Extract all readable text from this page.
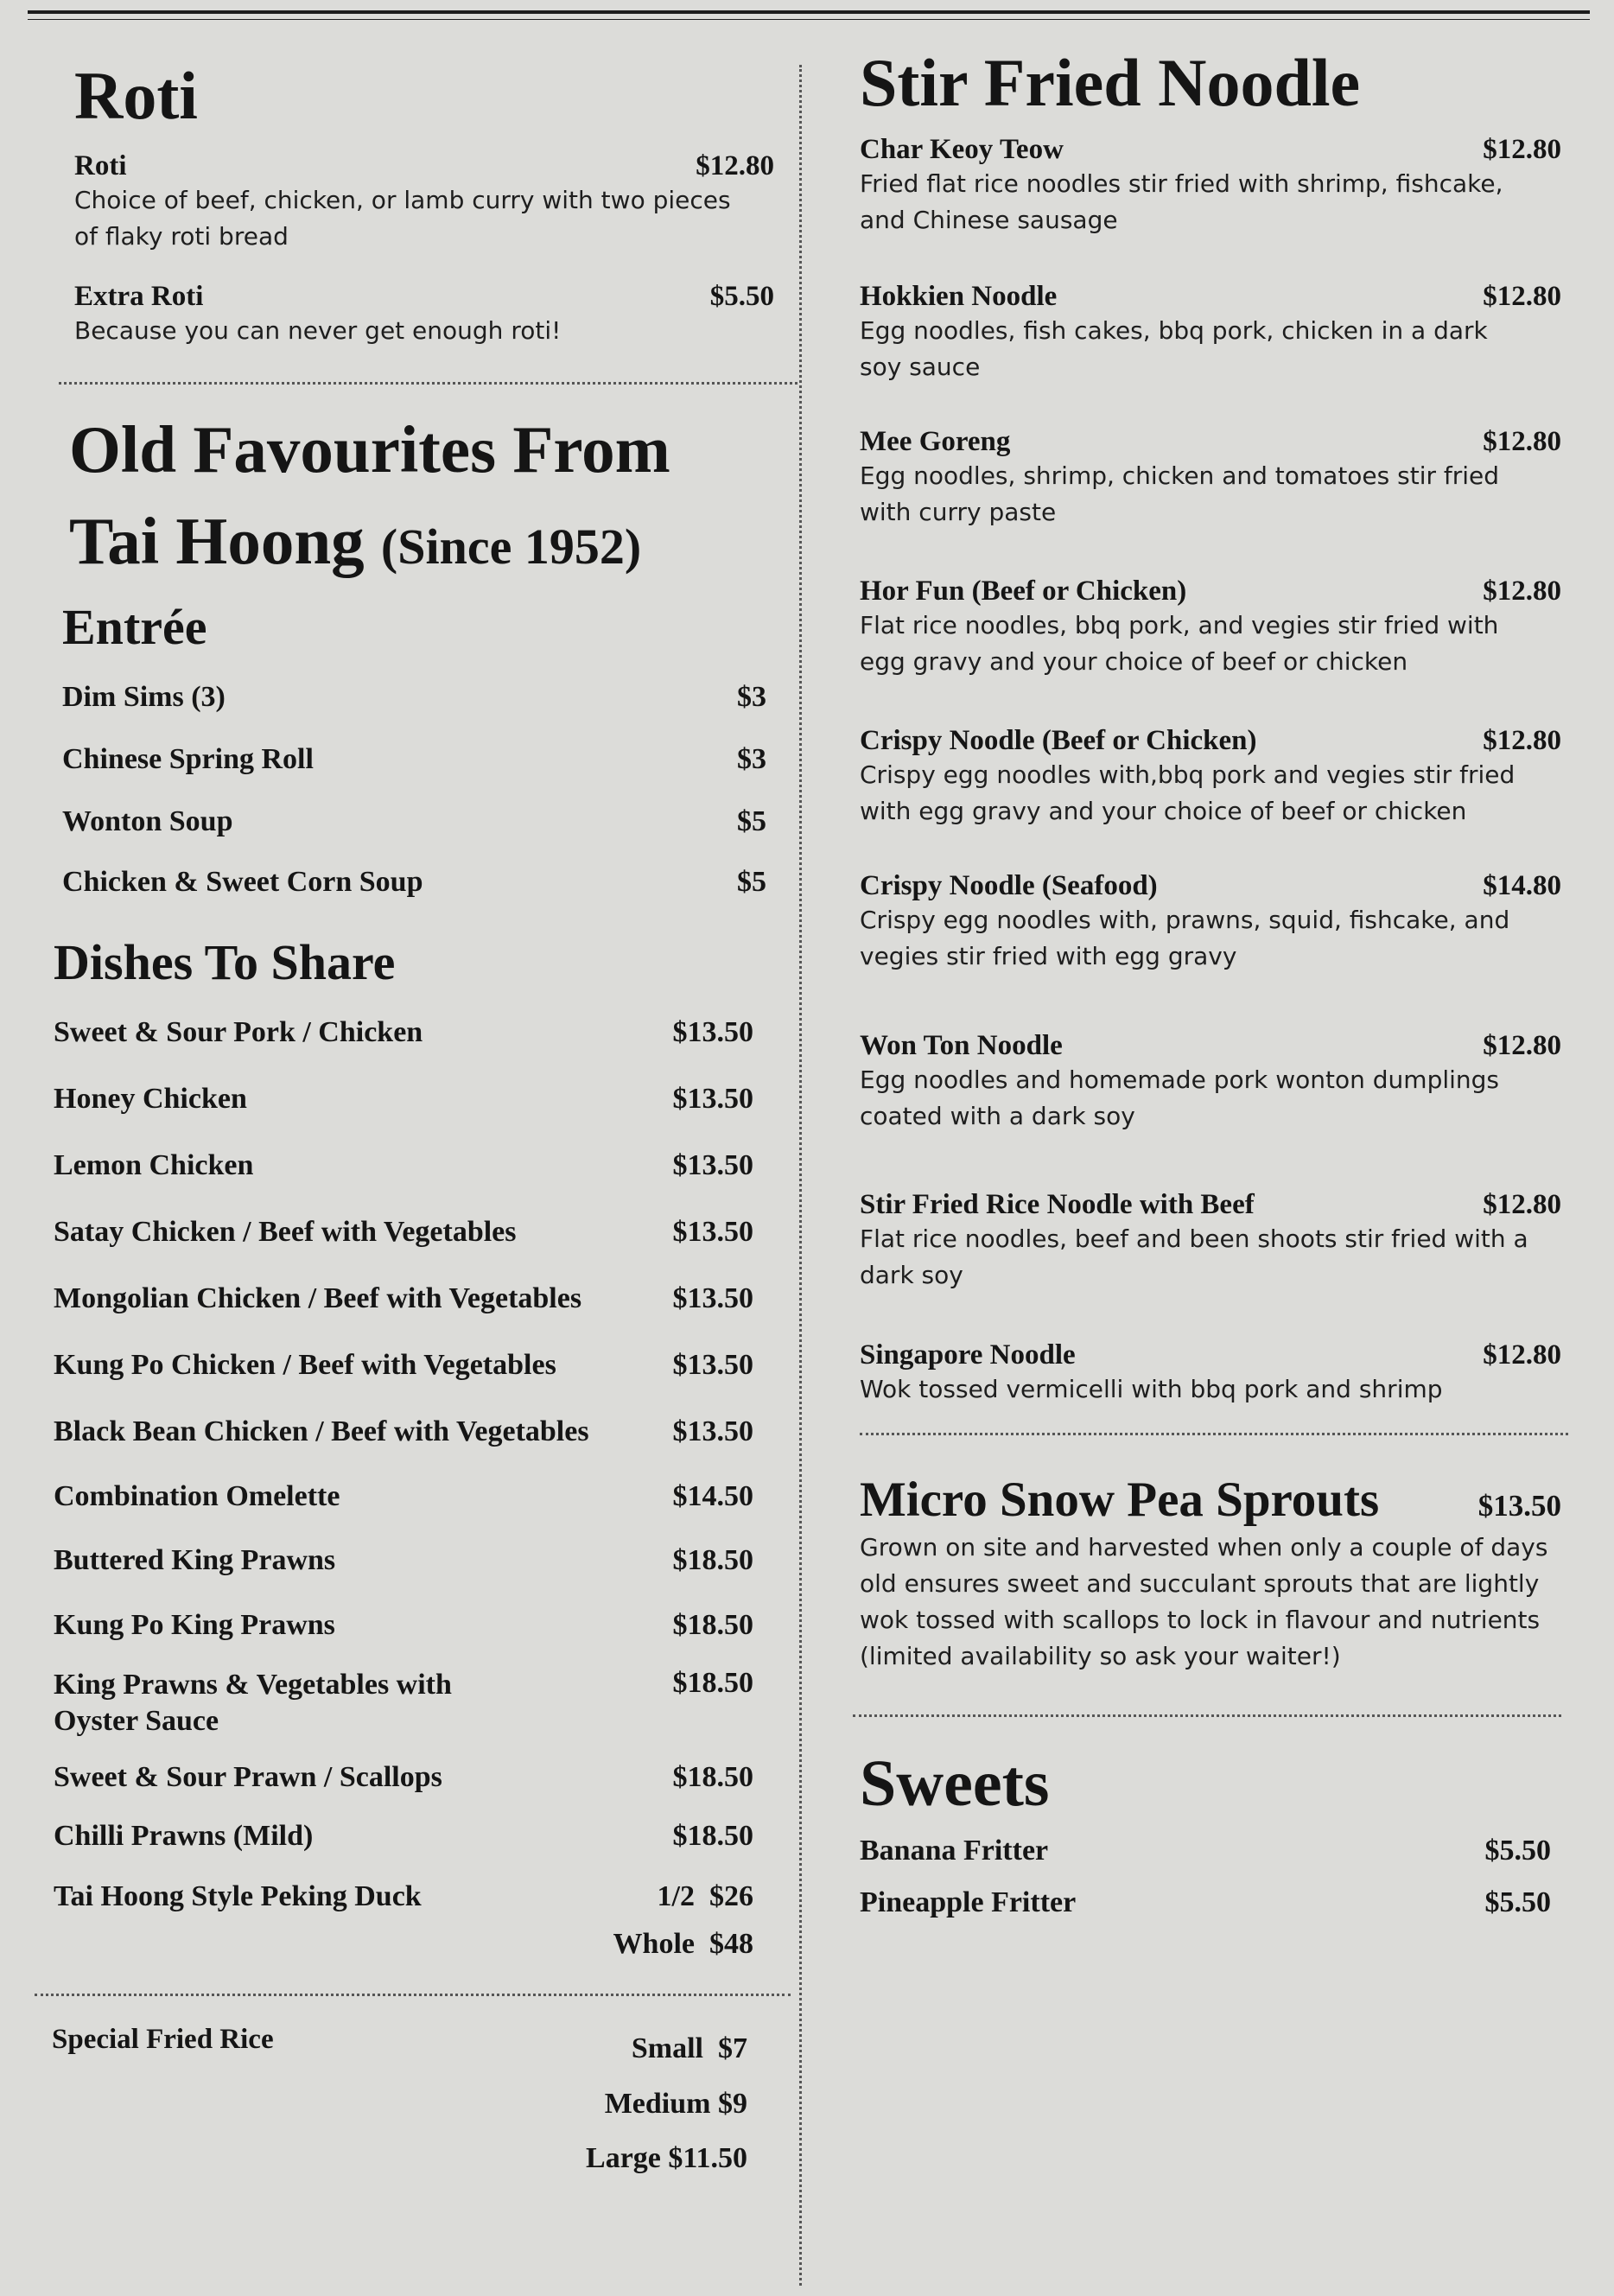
Roti
Roti	$12.80
Choice of beef, chicken, or lamb curry with two pieces of flaky roti bread
Extra Roti	$5.50
Because you can never get enough roti!
Old Favourites From
Tai Hoong (Since 1952)
Entrée
Dim Sims (3)	$3
Chinese Spring Roll	$3
Wonton Soup	$5
Chicken & Sweet Corn Soup	$5
Dishes To Share
Sweet & Sour Pork / Chicken	$13.50
Honey Chicken	$13.50
Lemon Chicken	$13.50
Satay Chicken / Beef with Vegetables	$13.50
Mongolian Chicken / Beef with Vegetables	$13.50
Kung Po Chicken / Beef with Vegetables	$13.50
Black Bean Chicken / Beef with Vegetables	$13.50
Combination Omelette	$14.50
Buttered King Prawns	$18.50
Kung Po King Prawns	$18.50
King Prawns & Vegetables with
Oyster Sauce
$18.50
Sweet & Sour Prawn / Scallops	$18.50
Chilli Prawns (Mild)	$18.50
Tai Hoong Style Peking Duck	1/2  $26
Whole  $48
Special Fried Rice	Small  $7
Medium $9
Large $11.50
Stir Fried Noodle
Char Keoy Teow	$12.80
Fried flat rice noodles stir fried with shrimp, fishcake, and Chinese sausage
Hokkien Noodle	$12.80
Egg noodles, fish cakes, bbq pork, chicken in a dark soy sauce
Mee Goreng	$12.80
Egg noodles, shrimp, chicken and tomatoes stir fried with curry paste
Hor Fun (Beef or Chicken)	$12.80
Flat rice noodles, bbq pork, and vegies stir fried with egg gravy and your choice of beef or chicken
Crispy Noodle (Beef or Chicken)	$12.80
Crispy egg noodles with,bbq pork and vegies stir fried with egg gravy and your choice of beef or chicken
Crispy Noodle (Seafood)	$14.80
Crispy egg noodles with, prawns, squid, fishcake, and vegies stir fried with egg gravy
Won Ton Noodle	$12.80
Egg noodles and homemade pork wonton dumplings coated with a dark soy
Stir Fried Rice Noodle with Beef	$12.80
Flat rice noodles, beef and been shoots stir fried with a dark soy
Singapore Noodle	$12.80
Wok tossed vermicelli with bbq pork and shrimp
Micro Snow Pea Sprouts	$13.50
Grown on site and harvested when only a couple of days old ensures sweet and succulant sprouts that are lightly wok tossed with scallops to lock in flavour and nutrients (limited availability so ask your waiter!)
Sweets
Banana Fritter	$5.50
Pineapple Fritter	$5.50
